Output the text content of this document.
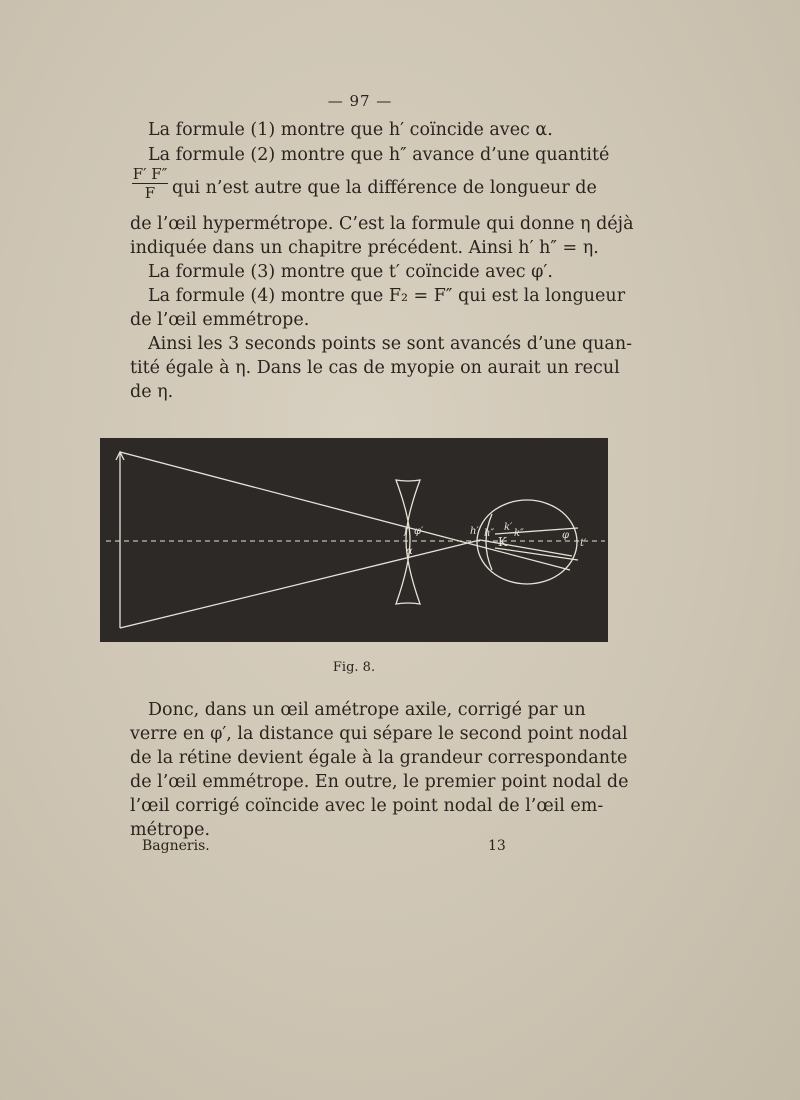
— 97 —
La formule (1) montre que h′ coïncide avec α.
La formule (2) montre que h″ avance d’une quantité
F′ F″
F qui n’est autre que la différence de longueur de
de l’œil hypermétrope. C’est la formule qui donne η déjà
indiquée dans un chapitre précédent. Ainsi h′ h″ = η.
La formule (3) montre que t′ coïncide avec φ′.
La formule (4) montre que F₂ = F″ qui est la longueur
de l’œil emmétrope.
Ainsi les 3 seconds points se sont avancés d’une quan-
tité égale à η. Dans le cas de myopie on aurait un recul
de η.
f′ φ′
α
h′ h″
K
k′
k″	φ
t′
Fig. 8.
Donc, dans un œil amétrope axile, corrigé par un
verre en φ′, la distance qui sépare le second point nodal
de la rétine devient égale à la grandeur correspondante
de l’œil emmétrope. En outre, le premier point nodal de
l’œil corrigé coïncide avec le point nodal de l’œil em-
métrope.
Bagneris.	13
